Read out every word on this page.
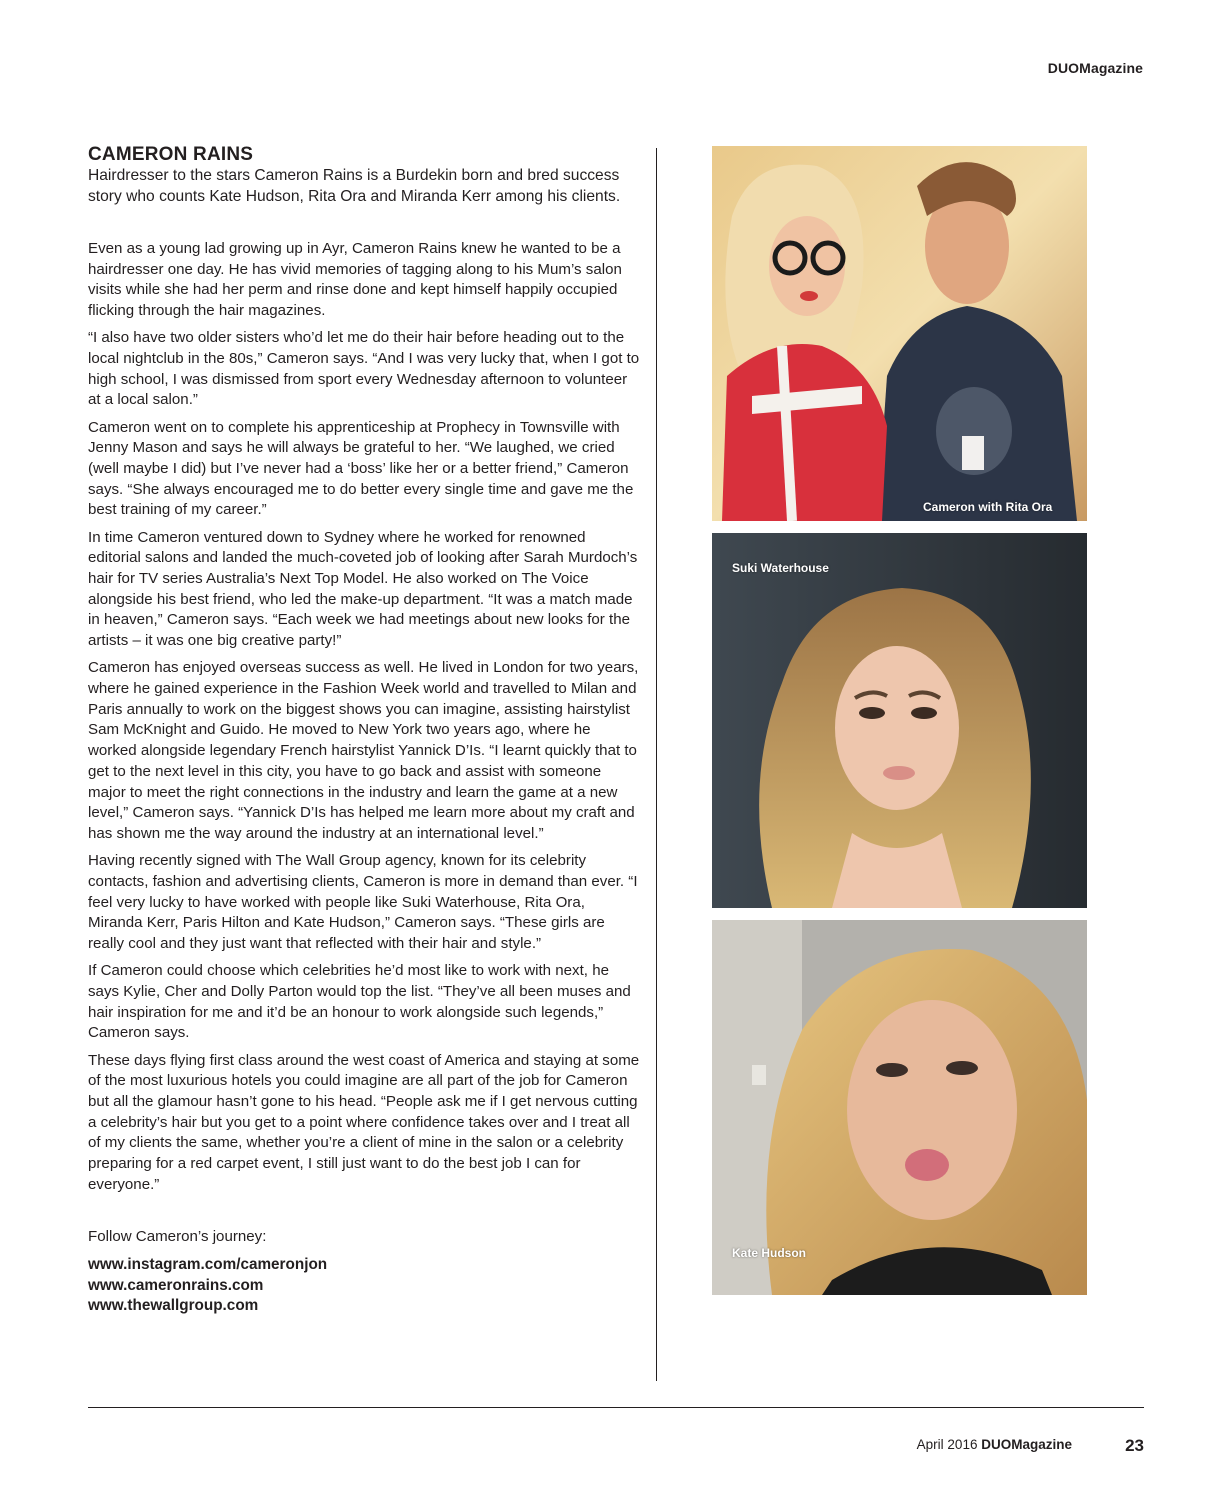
DUOMagazine
CAMERON RAINS

Hairdresser to the stars Cameron Rains is a Burdekin born and bred success story who counts Kate Hudson, Rita Ora and Miranda Kerr among his clients.

Even as a young lad growing up in Ayr, Cameron Rains knew he wanted to be a hairdresser one day. He has vivid memories of tagging along to his Mum’s salon visits while she had her perm and rinse done and kept himself happily occupied flicking through the hair magazines.

“I also have two older sisters who’d let me do their hair before heading out to the local nightclub in the 80s,” Cameron says. “And I was very lucky that, when I got to high school, I was dismissed from sport every Wednesday afternoon to volunteer at a local salon.”

Cameron went on to complete his apprenticeship at Prophecy in Townsville with Jenny Mason and says he will always be grateful to her. “We laughed, we cried (well maybe I did) but I’ve never had a ‘boss’ like her or a better friend,” Cameron says. “She always encouraged me to do better every single time and gave me the best training of my career.”

In time Cameron ventured down to Sydney where he worked for renowned editorial salons and landed the much-coveted job of looking after Sarah Murdoch’s hair for TV series Australia’s Next Top Model. He also worked on The Voice alongside his best friend, who led the make-up department. “It was a match made in heaven,” Cameron says. “Each week we had meetings about new looks for the artists – it was one big creative party!”

Cameron has enjoyed overseas success as well. He lived in London for two years, where he gained experience in the Fashion Week world and travelled to Milan and Paris annually to work on the biggest shows you can imagine, assisting hairstylist Sam McKnight and Guido. He moved to New York two years ago, where he worked alongside legendary French hairstylist Yannick D’Is. “I learnt quickly that to get to the next level in this city, you have to go back and assist with someone major to meet the right connections in the industry and learn the game at a new level,” Cameron says. “Yannick D’Is has helped me learn more about my craft and has shown me the way around the industry at an international level.”

Having recently signed with The Wall Group agency, known for its celebrity contacts, fashion and advertising clients, Cameron is more in demand than ever. “I feel very lucky to have worked with people like Suki Waterhouse, Rita Ora, Miranda Kerr, Paris Hilton and Kate Hudson,” Cameron says. “These girls are really cool and they just want that reflected with their hair and style.”

If Cameron could choose which celebrities he’d most like to work with next, he says Kylie, Cher and Dolly Parton would top the list. “They’ve all been muses and hair inspiration for me and it’d be an honour to work alongside such legends,” Cameron says.

These days flying first class around the west coast of America and staying at some of the most luxurious hotels you could imagine are all part of the job for Cameron but all the glamour hasn’t gone to his head. “People ask me if I get nervous cutting a celebrity’s hair but you get to a point where confidence takes over and I treat all of my clients the same, whether you’re a client of mine in the salon or a celebrity preparing for a red carpet event, I still just want to do the best job I can for everyone.”

Follow Cameron’s journey:

www.instagram.com/cameronjon
www.cameronrains.com
www.thewallgroup.com
Cameron with Rita Ora
Suki Waterhouse
Kate Hudson
April 2016 DUOMagazine	23
